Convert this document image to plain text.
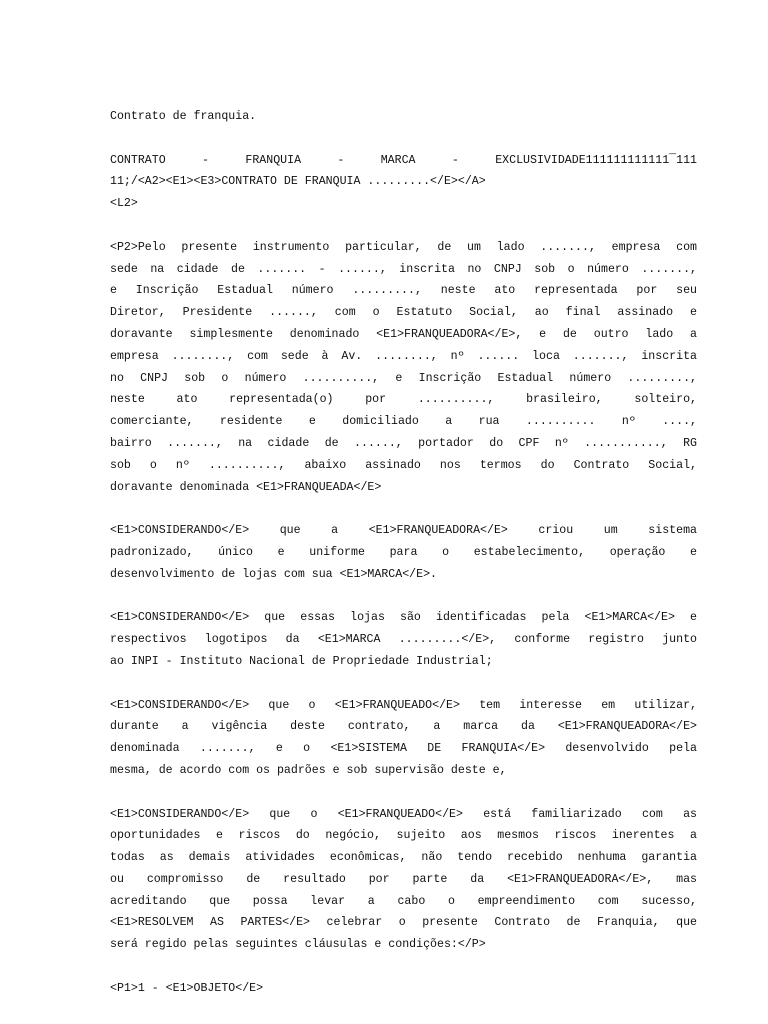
Contrato de franquia.
CONTRATO - FRANQUIA - MARCA - EXCLUSIVIDADE111111111111¯111
11;/<A2><E1><E3>CONTRATO DE FRANQUIA .........</E></A>
<L2>
<P2>Pelo presente instrumento particular, de um lado ......., empresa com
sede na cidade de ....... - ......, inscrita no CNPJ sob o número .......,
e Inscrição Estadual número ........., neste ato representada por seu
Diretor, Presidente ......, com o Estatuto Social, ao final assinado e
doravante simplesmente denominado <E1>FRANQUEADORA</E>, e de outro lado a
empresa ........, com sede à Av. ........, nº ...... loca ......., inscrita
no CNPJ sob o número .........., e Inscrição Estadual número .........,
neste ato representada(o) por .........., brasileiro, solteiro,
comerciante, residente e domiciliado a rua .......... nº ....,
bairro ......., na cidade de ......, portador do CPF nº ..........., RG
sob o nº .........., abaixo assinado nos termos do Contrato Social,
doravante denominada <E1>FRANQUEADA</E>
<E1>CONSIDERANDO</E> que a <E1>FRANQUEADORA</E> criou um sistema
padronizado, único e uniforme para o estabelecimento, operação e
desenvolvimento de lojas com sua <E1>MARCA</E>.
<E1>CONSIDERANDO</E> que essas lojas são identificadas pela <E1>MARCA</E> e
respectivos logotipos da <E1>MARCA .........</E>, conforme registro junto
ao INPI - Instituto Nacional de Propriedade Industrial;
<E1>CONSIDERANDO</E> que o <E1>FRANQUEADO</E> tem interesse em utilizar,
durante a vigência deste contrato, a marca da <E1>FRANQUEADORA</E>
denominada ......., e o <E1>SISTEMA DE FRANQUIA</E> desenvolvido pela
mesma, de acordo com os padrões e sob supervisão deste e,
<E1>CONSIDERANDO</E> que o <E1>FRANQUEADO</E> está familiarizado com as
oportunidades e riscos do negócio, sujeito aos mesmos riscos inerentes a
todas as demais atividades econômicas, não tendo recebido nenhuma garantia
ou compromisso de resultado por parte da <E1>FRANQUEADORA</E>, mas
acreditando que possa levar a cabo o empreendimento com sucesso,
<E1>RESOLVEM AS PARTES</E> celebrar o presente Contrato de Franquia, que
será regido pelas seguintes cláusulas e condições:</P>
<P1>1 - <E1>OBJETO</E>
